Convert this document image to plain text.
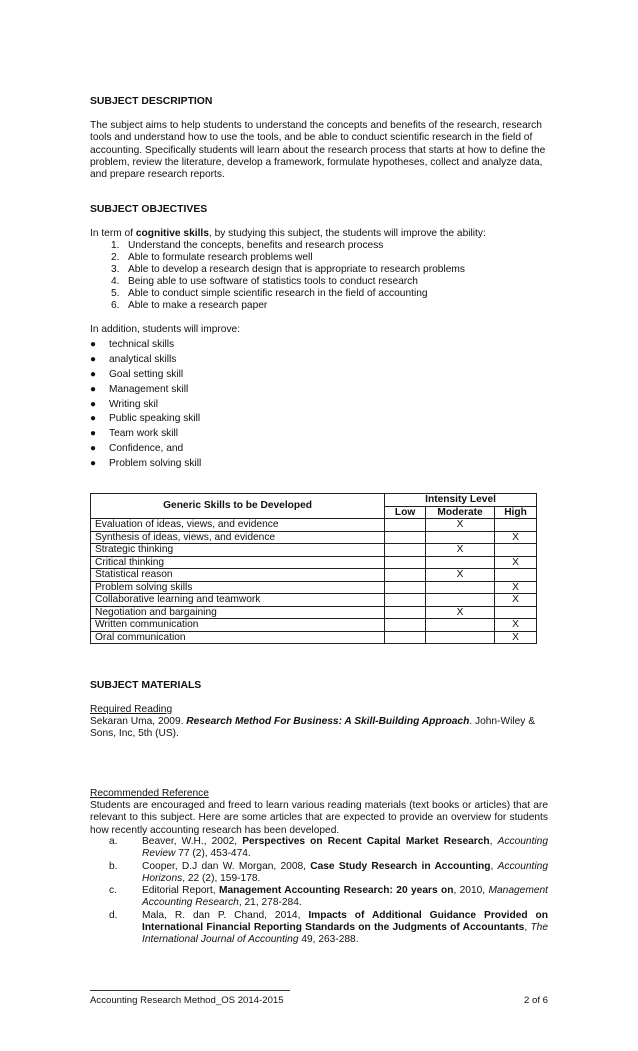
SUBJECT DESCRIPTION
The subject aims to help students to understand the concepts and benefits of the research, research tools and understand how to use the tools, and be able to conduct scientific research in the field of accounting. Specifically students will learn about the research process that starts at how to define the problem, review the literature, develop a framework, formulate hypotheses, collect and analyze data, and prepare research reports.
SUBJECT OBJECTIVES
In term of cognitive skills, by studying this subject, the students will improve the ability:
1. Understand the concepts, benefits and research process
2. Able to formulate research problems well
3. Able to develop a research design that is appropriate to research problems
4. Being able to use software of statistics tools to conduct research
5. Able to conduct simple scientific research in the field of accounting
6. Able to make a research paper
In addition, students will improve:
● technical skills
● analytical skills
● Goal setting skill
● Management skill
● Writing skil
● Public speaking skill
● Team work skill
● Confidence, and
● Problem solving skill
Generic Skills to be Developed	Intensity Level		
	Low	Moderate	High
Evaluation of ideas, views, and evidence		X	
Synthesis of ideas, views, and evidence			X
Strategic thinking		X	
Critical thinking			X
Statistical reason		X	
Problem solving skills			X
Collaborative learning and teamwork			X
Negotiation and bargaining		X	
Written communication			X
Oral communication			X
SUBJECT MATERIALS
Required Reading
Sekaran Uma, 2009. Research Method For Business: A Skill-Building Approach. John-Wiley & Sons, Inc, 5th (US).
Recommended Reference
Students are encouraged and freed to learn various reading materials (text books or articles) that are relevant to this subject. Here are some articles that are expected to provide an overview for students how recently accounting research has been developed.
a. Beaver, W.H., 2002, Perspectives on Recent Capital Market Research, Accounting Review 77 (2), 453-474.
b. Cooper, D.J dan W. Morgan, 2008, Case Study Research in Accounting, Accounting Horizons, 22 (2), 159-178.
c. Editorial Report, Management Accounting Research: 20 years on, 2010, Management Accounting Research, 21, 278-284.
d. Mala, R. dan P. Chand, 2014, Impacts of Additional Guidance Provided on International Financial Reporting Standards on the Judgments of Accountants, The International Journal of Accounting 49, 263-288.
Accounting Research Method_OS 2014-2015	2 of 6
